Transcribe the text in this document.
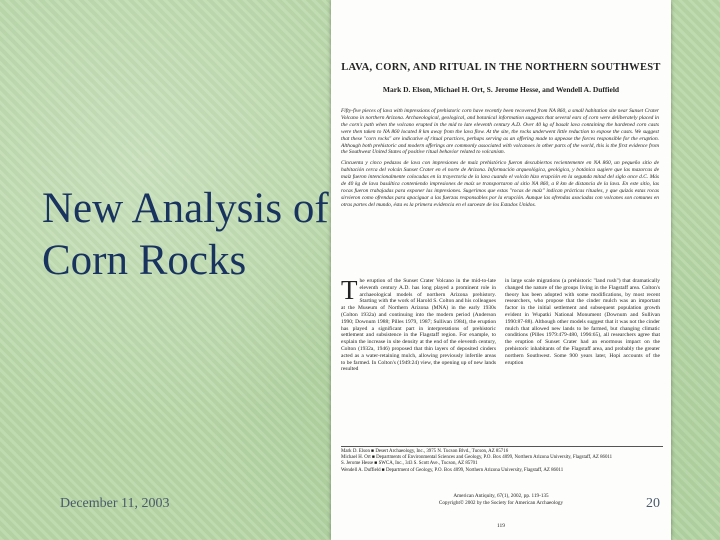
New Analysis of
Corn Rocks
LAVA, CORN, AND RITUAL IN THE NORTHERN SOUTHWEST
Mark D. Elson, Michael H. Ort, S. Jerome Hesse, and Wendell A. Duffield

Fifty-five pieces of lava with impressions of prehistoric corn have recently been recovered from NA 860, a small habitation site near Sunset Crater Volcano in northern Arizona. Archaeological, geological, and botanical information suggests that several ears of corn were deliberately placed in the corn's path when the volcano erupted in the mid to late eleventh century A.D. Over 40 kg of basalt lava containing the hardened corn casts were then taken to NA 860 located 8 km away from the lava flow. At the site, the rocks underwent little reduction to expose the casts. We suggest that these "corn rocks" are indicative of ritual practices, perhaps serving as an offering made to appease the forces responsible for the eruption. Although both prehistoric and modern offerings are commonly associated with volcanoes in other parts of the world, this is the first evidence from the Southwest United States of positive ritual behavior related to volcanism.

Cincuenta y cinco pedazos de lava con impresiones de maíz prehistórico fueron descubiertos recientemente en NA 860, un pequeño sitio de habitación cerca del volcán Sunset Crater en el norte de Arizona. Información arqueológica, geológica, y botánica sugiere que las mazorcas de maíz fueron intencionalmente colocadas en la trayectoria de la lava cuando el volcán hizo erupción en la segunda mitad del siglo once d.C. Más de 40 kg de lava basáltica conteniendo impresiones de maíz se transportaron al sitio NA 860, a 8 km de distancia de la lava. En este sitio, las rocas fueron trabajadas para exponer las impresiones. Sugerimos que estas "rocas de maíz" indican prácticas rituales, y que quizás estas rocas sirvieron como ofrendas para apaciguar a las fuerzas responsables por la erupción. Aunque las ofrendas asociadas con volcanes son comunes en otras partes del mundo, ésta es la primera evidencia en el suroeste de los Estados Unidos.

T he eruption of the Sunset Crater Volcano in the mid-to-late eleventh century A.D. has long played a prominent role in archaeological models of northern Arizona prehistory. Starting with the work of Harold S. Colton and his colleagues at the Museum of Northern Arizona (MNA) in the early 1930s (Colton 1932a) and continuing into the modern period (Anderson 1990; Downum 1988; Pilles 1979, 1987; Sullivan 1984), the eruption has played a significant part in interpretations of prehistoric settlement and subsistence in the Flagstaff region. For example, to explain the increase in site density at the end of the eleventh century, Colton (1932a, 1946) proposed that thin layers of deposited cinders acted as a water-retaining mulch, allowing previously infertile areas to be farmed. In Colton's (1949:24) view, the opening up of new lands resulted

in large scale migrations (a prehistoric "land rush") that dramatically changed the nature of the groups living in the Flagstaff area. Colton's theory has been adopted with some modifications, by most recent researchers, who propose that the cinder mulch was an important factor in the initial settlement and subsequent population growth evident in Wupatki National Monument (Downum and Sullivan 1990:87-88). Although other models suggest that it was not the cinder mulch that allowed new lands to be farmed, but changing climatic conditions (Pilles 1979:479-480, 1996:65), all researchers agree that the eruption of Sunset Crater had an enormous impact on the prehistoric inhabitants of the Flagstaff area, and probably the greater northern Southwest. Some 900 years later, Hopi accounts of the eruption

Mark D. Elson ■ Desert Archaeology, Inc., 3975 N. Tucson Blvd., Tucson, AZ 85716

Michael H. Ort ■ Departments of Environmental Sciences and Geology, P.O. Box 4099, Northern Arizona University, Flagstaff, AZ 86011

S. Jerome Hesse ■ SWCA, Inc., 343 S. Scott Ave., Tucson, AZ 85701

Wendell A. Duffield ■ Department of Geology, P.O. Box 4099, Northern Arizona University, Flagstaff, AZ 86011

American Antiquity, 67(1), 2002, pp. 119-135

Copyright© 2002 by the Society for American Archaeology

119
December 11, 2003	20
